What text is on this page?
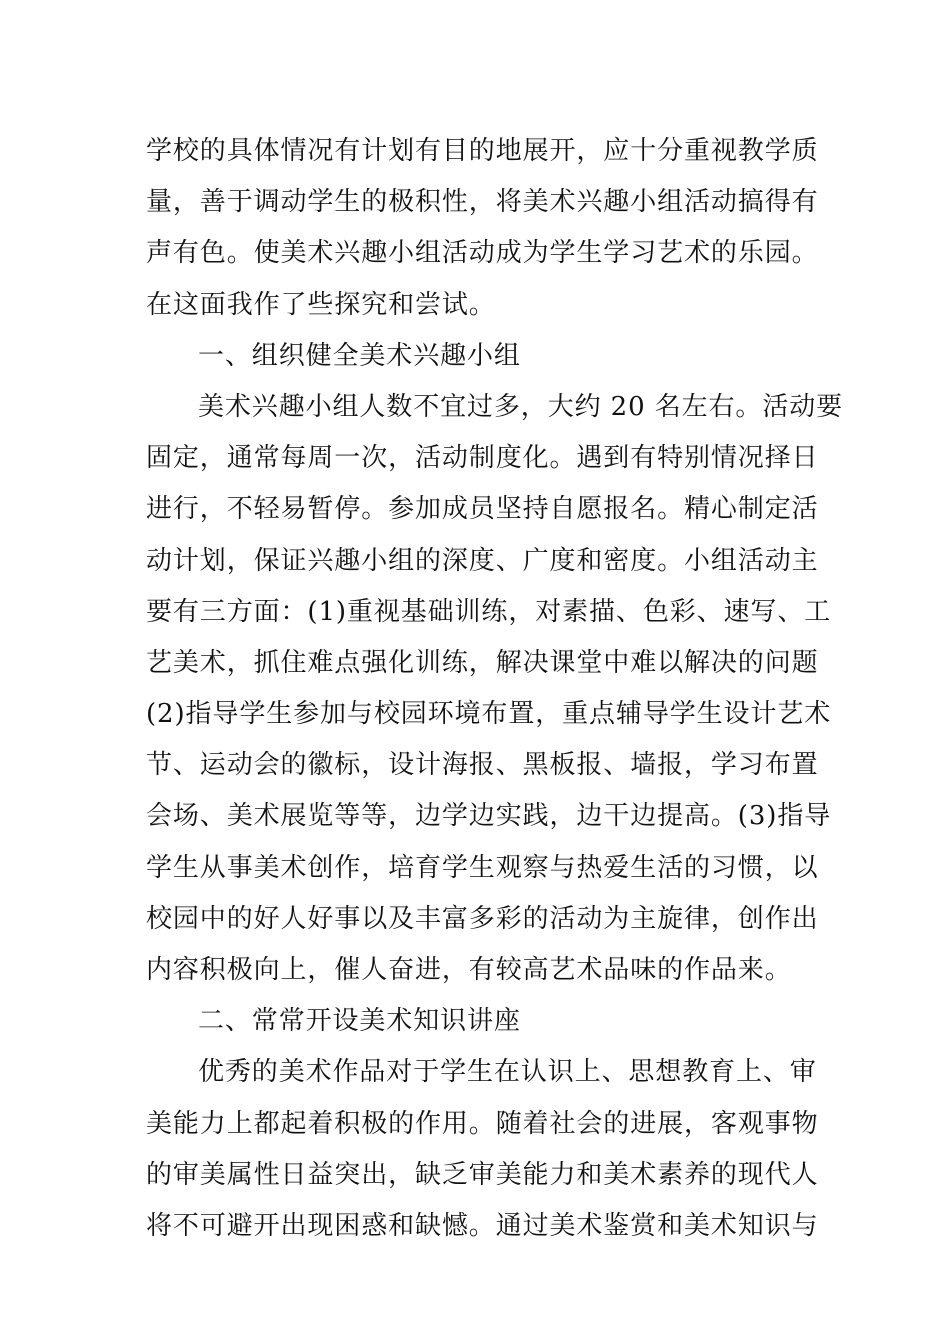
学校的具体情况有计划有目的地展开，应十分重视教学质
量，善于调动学生的极积性，将美术兴趣小组活动搞得有
声有色。使美术兴趣小组活动成为学生学习艺术的乐园。
在这面我作了些探究和尝试。
一、组织健全美术兴趣小组
美术兴趣小组人数不宜过多，大约 20 名左右。活动要
固定，通常每周一次，活动制度化。遇到有特别情况择日
进行，不轻易暂停。参加成员坚持自愿报名。精心制定活
动计划，保证兴趣小组的深度、广度和密度。小组活动主
要有三方面：(1)重视基础训练，对素描、色彩、速写、工
艺美术，抓住难点强化训练，解决课堂中难以解决的问题
(2)指导学生参加与校园环境布置，重点辅导学生设计艺术
节、运动会的徽标，设计海报、黑板报、墙报，学习布置
会场、美术展览等等，边学边实践，边干边提高。(3)指导
学生从事美术创作，培育学生观察与热爱生活的习惯，以
校园中的好人好事以及丰富多彩的活动为主旋律，创作出
内容积极向上，催人奋进，有较高艺术品味的作品来。
二、常常开设美术知识讲座
优秀的美术作品对于学生在认识上、思想教育上、审
美能力上都起着积极的作用。随着社会的进展，客观事物
的审美属性日益突出，缺乏审美能力和美术素养的现代人
将不可避开出现困惑和缺憾。通过美术鉴赏和美术知识与
